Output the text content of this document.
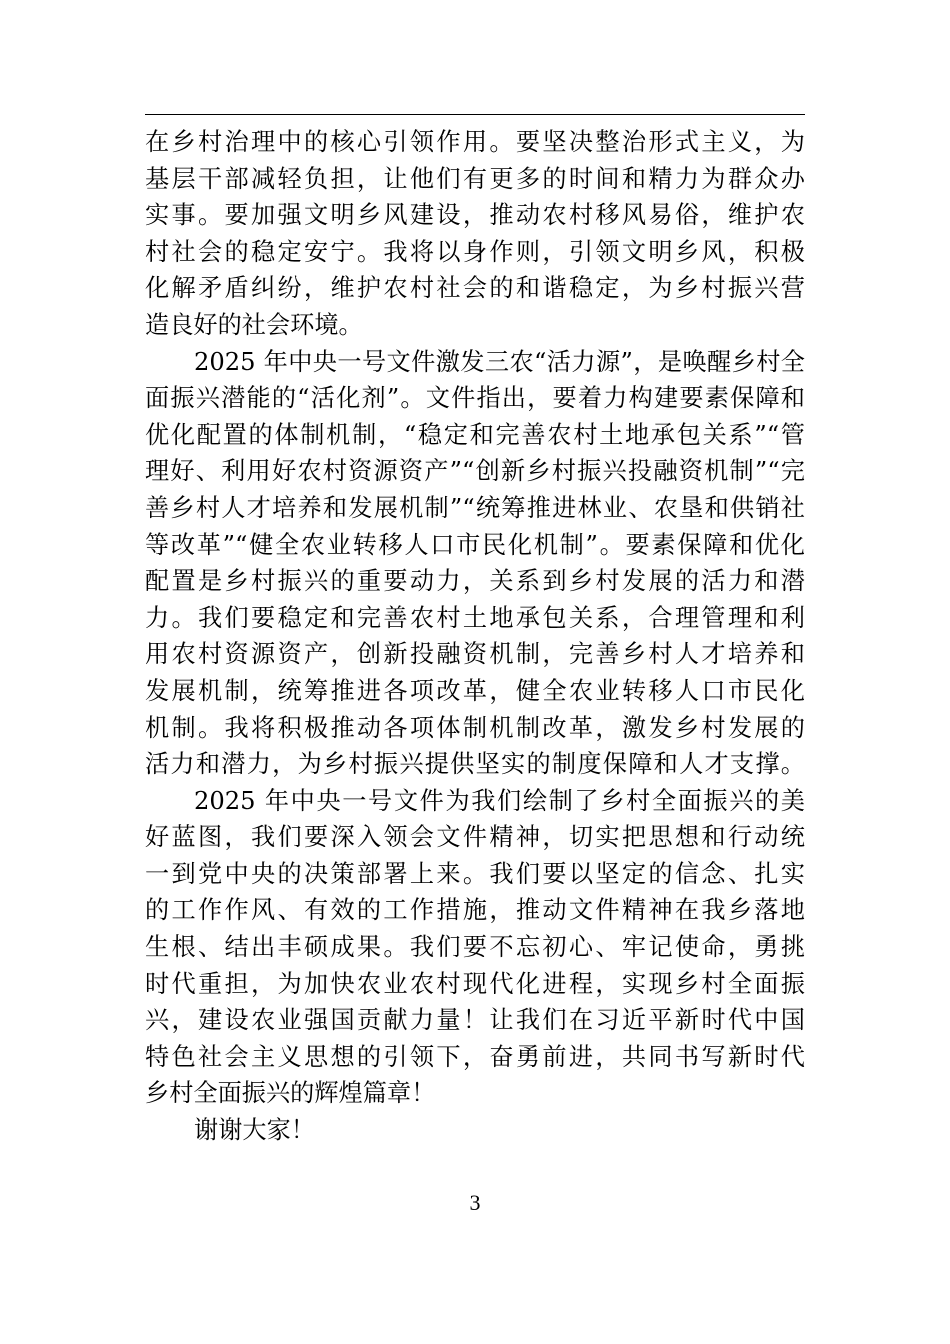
在乡村治理中的核心引领作用。要坚决整治形式主义，为
基层干部减轻负担，让他们有更多的时间和精力为群众办
实事。要加强文明乡风建设，推动农村移风易俗，维护农
村社会的稳定安宁。我将以身作则，引领文明乡风，积极
化解矛盾纠纷，维护农村社会的和谐稳定，为乡村振兴营
造良好的社会环境。
2025 年中央一号文件激发三农“活力源”，是唤醒乡村全
面振兴潜能的“活化剂”。文件指出，要着力构建要素保障和
优化配置的体制机制，“稳定和完善农村土地承包关系”“管
理好、利用好农村资源资产”“创新乡村振兴投融资机制”“完
善乡村人才培养和发展机制”“统筹推进林业、农垦和供销社
等改革”“健全农业转移人口市民化机制”。要素保障和优化
配置是乡村振兴的重要动力，关系到乡村发展的活力和潜
力。我们要稳定和完善农村土地承包关系，合理管理和利
用农村资源资产，创新投融资机制，完善乡村人才培养和
发展机制，统筹推进各项改革，健全农业转移人口市民化
机制。我将积极推动各项体制机制改革，激发乡村发展的
活力和潜力，为乡村振兴提供坚实的制度保障和人才支撑。
2025 年中央一号文件为我们绘制了乡村全面振兴的美
好蓝图，我们要深入领会文件精神，切实把思想和行动统
一到党中央的决策部署上来。我们要以坚定的信念、扎实
的工作作风、有效的工作措施，推动文件精神在我乡落地
生根、结出丰硕成果。我们要不忘初心、牢记使命，勇挑
时代重担，为加快农业农村现代化进程，实现乡村全面振
兴，建设农业强国贡献力量！让我们在习近平新时代中国
特色社会主义思想的引领下，奋勇前进，共同书写新时代
乡村全面振兴的辉煌篇章！
谢谢大家！
3
